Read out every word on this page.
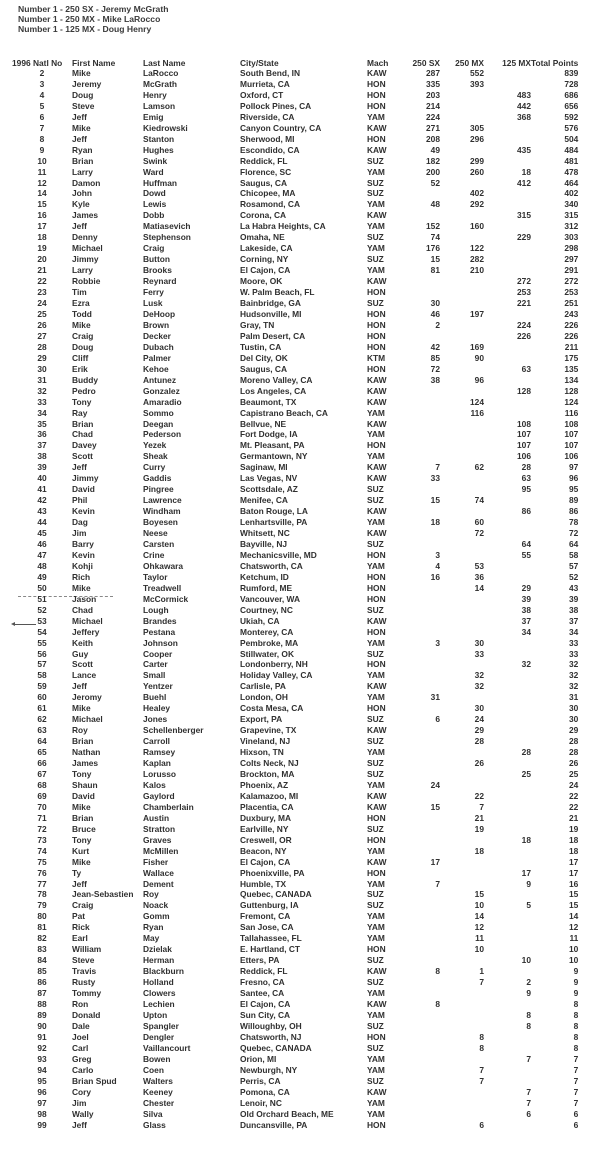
Number 1 - 250 SX - Jeremy McGrath
Number 1 - 250 MX - Mike LaRocco
Number 1 - 125 MX - Doug Henry
1996 Natl No	First Name	Last Name	City/State	Mach	250 SX	250 MX	125 MX	Total Points
2	Mike	LaRocco	South Bend, IN	KAW	287	552		839
3	Jeremy	McGrath	Murrieta, CA	HON	335	393		728
4	Doug	Henry	Oxford, CT	HON	203		483	686
5	Steve	Lamson	Pollock Pines, CA	HON	214		442	656
6	Jeff	Emig	Riverside, CA	YAM	224		368	592
7	Mike	Kiedrowski	Canyon Country, CA	KAW	271	305		576
8	Jeff	Stanton	Sherwood, MI	HON	208	296		504
9	Ryan	Hughes	Escondido, CA	KAW	49		435	484
10	Brian	Swink	Reddick, FL	SUZ	182	299		481
11	Larry	Ward	Florence, SC	YAM	200	260	18	478
12	Damon	Huffman	Saugus, CA	SUZ	52		412	464
14	John	Dowd	Chicopee, MA	SUZ		402		402
15	Kyle	Lewis	Rosamond, CA	YAM	48	292		340
16	James	Dobb	Corona, CA	KAW			315	315
17	Jeff	Matiasevich	La Habra Heights, CA	YAM	152	160		312
18	Denny	Stephenson	Omaha, NE	SUZ	74		229	303
19	Michael	Craig	Lakeside, CA	YAM	176	122		298
20	Jimmy	Button	Corning, NY	SUZ	15	282		297
21	Larry	Brooks	El Cajon, CA	YAM	81	210		291
22	Robbie	Reynard	Moore, OK	KAW			272	272
23	Tim	Ferry	W. Palm Beach, FL	HON			253	253
24	Ezra	Lusk	Bainbridge, GA	SUZ	30		221	251
25	Todd	DeHoop	Hudsonville, MI	HON	46	197		243
26	Mike	Brown	Gray, TN	HON	2		224	226
27	Craig	Decker	Palm Desert, CA	HON			226	226
28	Doug	Dubach	Tustin, CA	HON	42	169		211
29	Cliff	Palmer	Del City, OK	KTM	85	90		175
30	Erik	Kehoe	Saugus, CA	HON	72		63	135
31	Buddy	Antunez	Moreno Valley, CA	KAW	38	96		134
32	Pedro	Gonzalez	Los Angeles, CA	KAW			128	128
33	Tony	Amaradio	Beaumont, TX	KAW		124		124
34	Ray	Sommo	Capistrano Beach, CA	YAM		116		116
35	Brian	Deegan	Bellvue, NE	KAW			108	108
36	Chad	Pederson	Fort Dodge, IA	YAM			107	107
37	Davey	Yezek	Mt. Pleasant, PA	HON			107	107
38	Scott	Sheak	Germantown, NY	YAM			106	106
39	Jeff	Curry	Saginaw, MI	KAW	7	62	28	97
40	Jimmy	Gaddis	Las Vegas, NV	KAW	33		63	96
41	David	Pingree	Scottsdale, AZ	SUZ			95	95
42	Phil	Lawrence	Menifee, CA	SUZ	15	74		89
43	Kevin	Windham	Baton Rouge, LA	KAW			86	86
44	Dag	Boyesen	Lenhartsville, PA	YAM	18	60		78
45	Jim	Neese	Whitsett, NC	KAW		72		72
46	Barry	Carsten	Bayville, NJ	SUZ			64	64
47	Kevin	Crine	Mechanicsville, MD	HON	3		55	58
48	Kohji	Ohkawara	Chatsworth, CA	YAM	4	53		57
49	Rich	Taylor	Ketchum, ID	HON	16	36		52
50	Mike	Treadwell	Rumford, ME	HON		14	29	43
51	Jason	McCormick	Vancouver, WA	HON			39	39
52	Chad	Lough	Courtney, NC	SUZ			38	38
53	Michael	Brandes	Ukiah, CA	KAW			37	37
54	Jeffery	Pestana	Monterey, CA	HON			34	34
55	Keith	Johnson	Pembroke, MA	YAM	3	30		33
56	Guy	Cooper	Stillwater, OK	SUZ		33		33
57	Scott	Carter	Londonberry, NH	HON			32	32
58	Lance	Small	Holiday Valley, CA	YAM		32		32
59	Jeff	Yentzer	Carlisle, PA	KAW		32		32
60	Jeromy	Buehl	London, OH	YAM	31			31
61	Mike	Healey	Costa Mesa, CA	HON		30		30
62	Michael	Jones	Export, PA	SUZ	6	24		30
63	Roy	Schellenberger	Grapevine, TX	KAW		29		29
64	Brian	Carroll	Vineland, NJ	SUZ		28		28
65	Nathan	Ramsey	Hixson, TN	YAM			28	28
66	James	Kaplan	Colts Neck, NJ	SUZ		26		26
67	Tony	Lorusso	Brockton, MA	SUZ			25	25
68	Shaun	Kalos	Phoenix, AZ	YAM	24			24
69	David	Gaylord	Kalamazoo, MI	KAW		22		22
70	Mike	Chamberlain	Placentia, CA	KAW	15	7		22
71	Brian	Austin	Duxbury, MA	HON		21		21
72	Bruce	Stratton	Earlville, NY	SUZ		19		19
73	Tony	Graves	Creswell, OR	HON			18	18
74	Kurt	McMillen	Beacon, NY	YAM		18		18
75	Mike	Fisher	El Cajon, CA	KAW	17			17
76	Ty	Wallace	Phoenixville, PA	HON			17	17
77	Jeff	Dement	Humble, TX	YAM	7		9	16
78	Jean-Sebastien	Roy	Quebec, CANADA	SUZ		15		15
79	Craig	Noack	Guttenburg, IA	SUZ		10	5	15
80	Pat	Gomm	Fremont, CA	YAM		14		14
81	Rick	Ryan	San Jose, CA	YAM		12		12
82	Earl	May	Tallahassee, FL	YAM		11		11
83	William	Dzielak	E. Hartland, CT	HON		10		10
84	Steve	Herman	Etters, PA	SUZ			10	10
85	Travis	Blackburn	Reddick, FL	KAW	8	1		9
86	Rusty	Holland	Fresno, CA	SUZ		7	2	9
87	Tommy	Clowers	Santee, CA	YAM			9	9
88	Ron	Lechien	El Cajon, CA	KAW	8			8
89	Donald	Upton	Sun City, CA	YAM			8	8
90	Dale	Spangler	Willoughby, OH	SUZ			8	8
91	Joel	Dengler	Chatsworth, NJ	HON		8		8
92	Carl	Vaillancourt	Quebec, CANADA	SUZ		8		8
93	Greg	Bowen	Orion, MI	YAM			7	7
94	Carlo	Coen	Newburgh, NY	YAM		7		7
95	Brian Spud	Walters	Perris, CA	SUZ		7		7
96	Cory	Keeney	Pomona, CA	KAW			7	7
97	Jim	Chester	Lenoir, NC	YAM			7	7
98	Wally	Silva	Old Orchard Beach, ME	YAM			6	6
99	Jeff	Glass	Duncansville, PA	HON		6		6
